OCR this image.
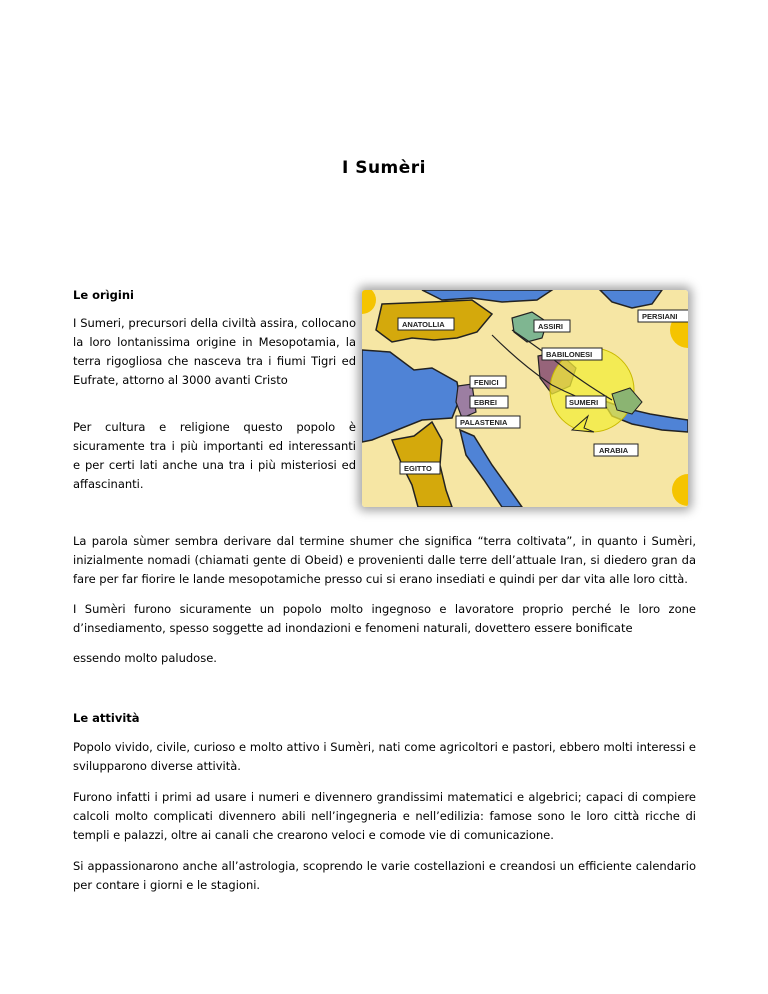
I Sumèri
Le orìgini

I Sumeri, precursori della civiltà assira, collocano la loro lontanissima origine in Mesopotamia, la terra rigogliosa che nasceva tra i fiumi Tigri ed Eufrate, attorno al 3000 avanti Cristo

Per cultura e religione questo popolo è sicuramente tra i più importanti ed interessanti e per certi lati anche una tra i più misteriosi ed affascinanti.

ANATOLLIA	ASSIRI
PERSIANI
BABILONESI
FENICI
EBREI	SUMERI
PALASTENIA
ARABIA
EGITTO

La parola sùmer sembra derivare dal termine shumer che significa “terra coltivata”, in quanto i Sumèri, inizialmente nomadi (chiamati gente di Obeid) e provenienti dalle terre dell’attuale Iran, si diedero gran da fare per far fiorire le lande mesopotamiche presso cui si erano insediati e quindi per dar vita alle loro città.

I Sumèri furono sicuramente un popolo molto ingegnoso e lavoratore proprio perché le loro zone d’insediamento, spesso soggette ad inondazioni e fenomeni naturali, dovettero essere bonificate

essendo molto paludose.

Le attività

Popolo vivido, civile, curioso e molto attivo i Sumèri, nati come agricoltori e pastori, ebbero molti interessi e svilupparono diverse attività.

Furono infatti i primi ad usare i numeri e divennero grandissimi matematici e algebrici; capaci di compiere calcoli molto complicati divennero abili nell’ingegneria e nell’edilizia: famose sono le loro città ricche di templi e palazzi, oltre ai canali che crearono veloci e comode vie di comunicazione.

Si appassionarono anche all’astrologia, scoprendo le varie costellazioni e creandosi un efficiente calendario per contare i giorni e le stagioni.
